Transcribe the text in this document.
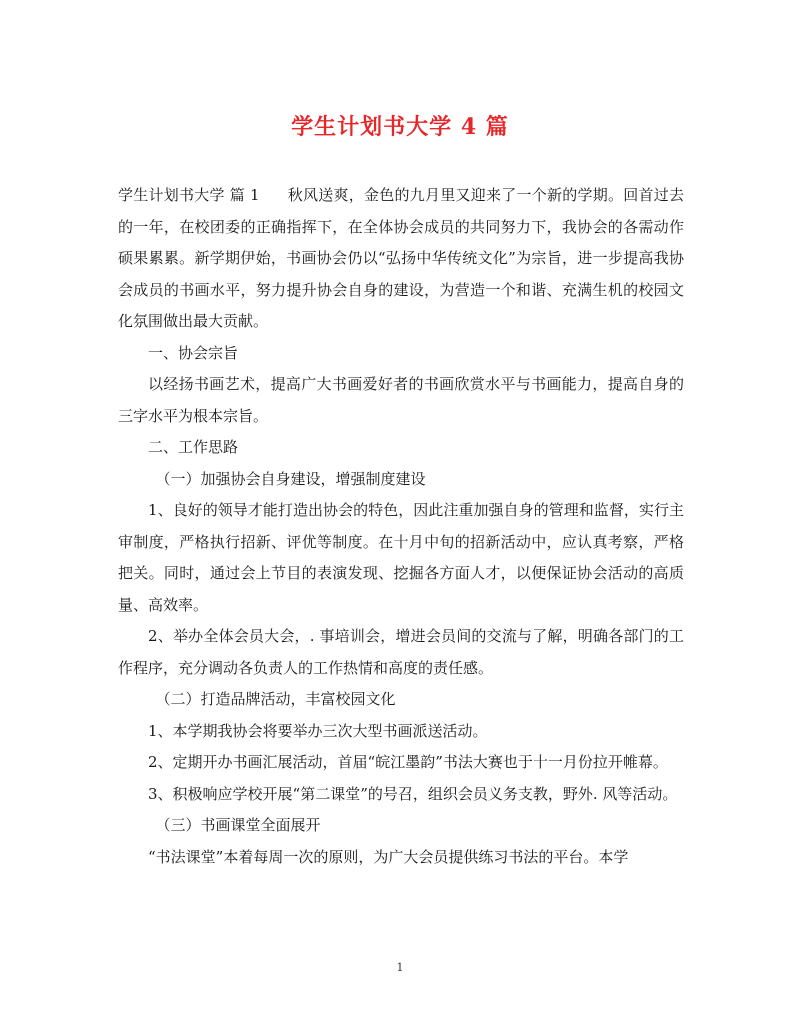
学生计划书大学 4 篇

学生计划书大学 篇 1 秋风送爽，金色的九月里又迎来了一个新的学期。回首过去的一年，在校团委的正确指挥下，在全体协会成员的共同努力下，我协会的各需动作硕果累累。新学期伊始，书画协会仍以“弘扬中华传统文化”为宗旨，进一步提高我协会成员的书画水平，努力提升协会自身的建设，为营造一个和谐、充满生机的校园文化氛围做出最大贡献。

一、协会宗旨

以经扬书画艺术，提高广大书画爱好者的书画欣赏水平与书画能力，提高自身的三字水平为根本宗旨。

二、工作思路

（一）加强协会自身建设，增强制度建设

1、良好的领导才能打造出协会的特色，因此注重加强自身的管理和监督，实行主审制度，严格执行招新、评优等制度。在十月中旬的招新活动中，应认真考察，严格把关。同时，通过会上节目的表演发现、挖掘各方面人才，以便保证协会活动的高质量、高效率。

2、举办全体会员大会，. 事培训会，增进会员间的交流与了解，明确各部门的工作程序，充分调动各负责人的工作热情和高度的责任感。

（二）打造品牌活动，丰富校园文化

1、本学期我协会将要举办三次大型书画派送活动。

2、定期开办书画汇展活动，首届“皖江墨韵”书法大赛也于十一月份拉开帷幕。

3、积极响应学校开展“第二课堂”的号召，组织会员义务支教，野外. 风等活动。

（三）书画课堂全面展开

“书法课堂”本着每周一次的原则，为广大会员提供练习书法的平台。本学

1
